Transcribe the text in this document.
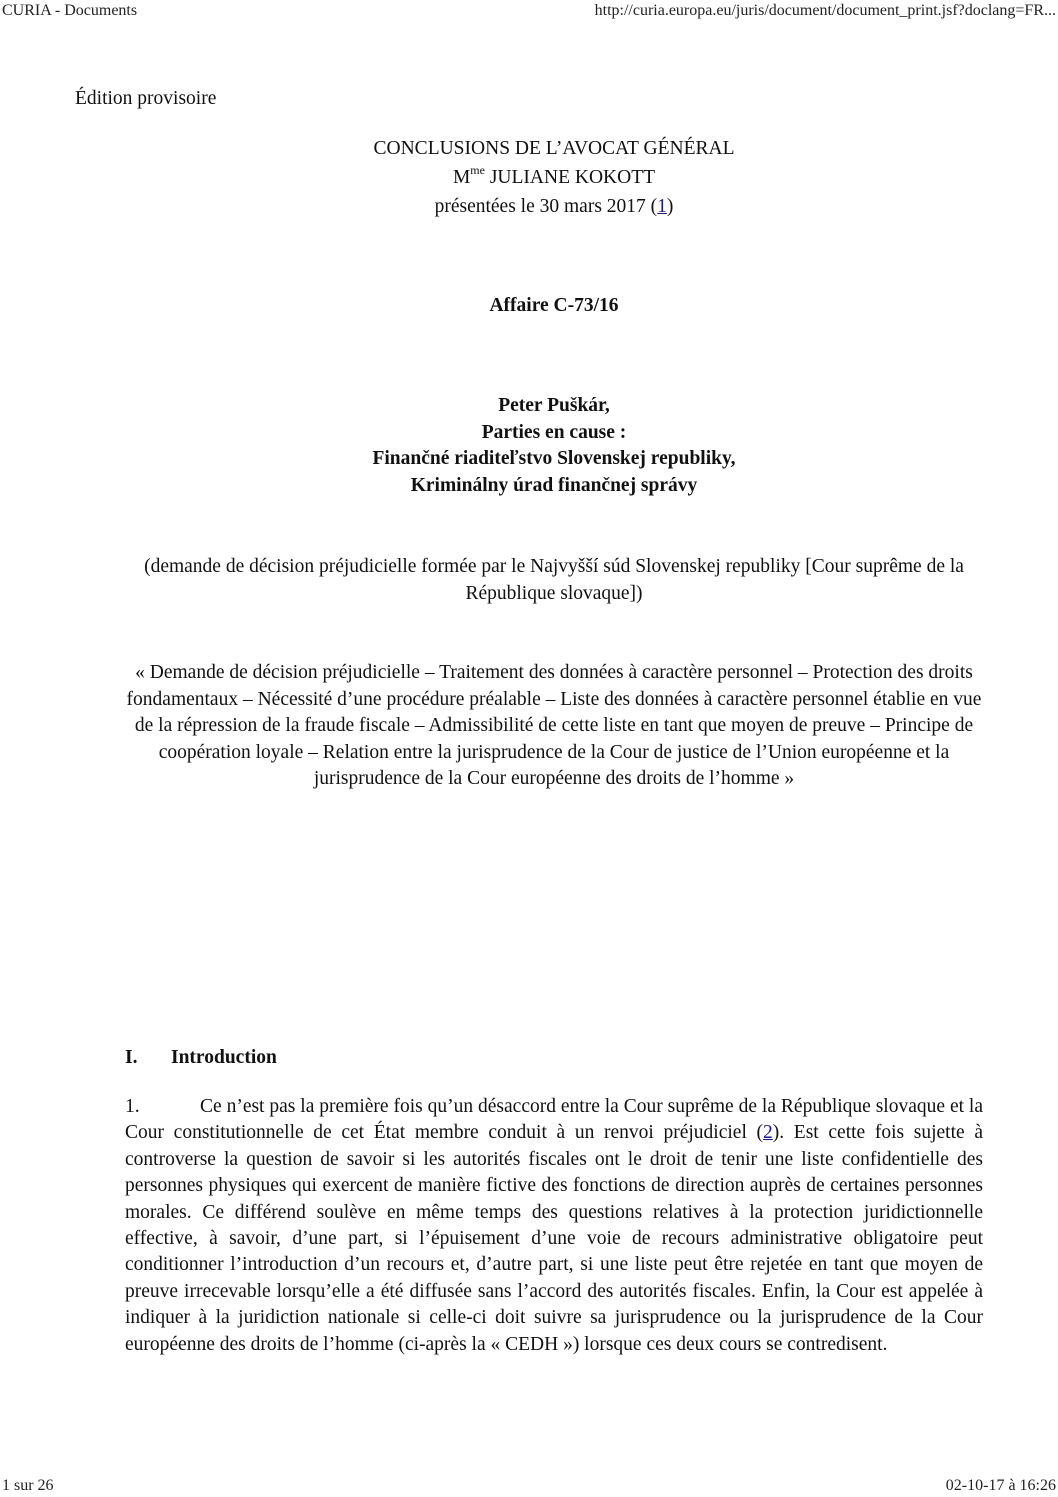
CURIA - Documents	http://curia.europa.eu/juris/document/document_print.jsf?doclang=FR...
Édition provisoire
CONCLUSIONS DE L’AVOCAT GÉNÉRAL
$M^{me}$ JULIANE KOKOTT
présentées le 30 mars 2017 (1)
Affaire C-73/16
Peter Puškár,
Parties en cause :
Finančné riaditeľstvo Slovenskej republiky,
Kriminálny úrad finančnej správy
(demande de décision préjudicielle formée par le Najvyšší súd Slovenskej republiky [Cour suprême de la République slovaque])
« Demande de décision préjudicielle – Traitement des données à caractère personnel – Protection des droits fondamentaux – Nécessité d’une procédure préalable – Liste des données à caractère personnel établie en vue de la répression de la fraude fiscale – Admissibilité de cette liste en tant que moyen de preuve – Principe de coopération loyale – Relation entre la jurisprudence de la Cour de justice de l’Union européenne et la jurisprudence de la Cour européenne des droits de l’homme »
I. Introduction

1.	Ce n’est pas la première fois qu’un désaccord entre la Cour suprême de la République slovaque et la Cour constitutionnelle de cet État membre conduit à un renvoi préjudiciel (2). Est cette fois sujette à controverse la question de savoir si les autorités fiscales ont le droit de tenir une liste confidentielle des personnes physiques qui exercent de manière fictive des fonctions de direction auprès de certaines personnes morales. Ce différend soulève en même temps des questions relatives à la protection juridictionnelle effective, à savoir, d’une part, si l’épuisement d’une voie de recours administrative obligatoire peut conditionner l’introduction d’un recours et, d’autre part, si une liste peut être rejetée en tant que moyen de preuve irrecevable lorsqu’elle a été diffusée sans l’accord des autorités fiscales. Enfin, la Cour est appelée à indiquer à la juridiction nationale si celle-ci doit suivre sa jurisprudence ou la jurisprudence de la Cour européenne des droits de l’homme (ci-après la « CEDH ») lorsque ces deux cours se contredisent.

1 sur 26	02-10-17 à 16:26
